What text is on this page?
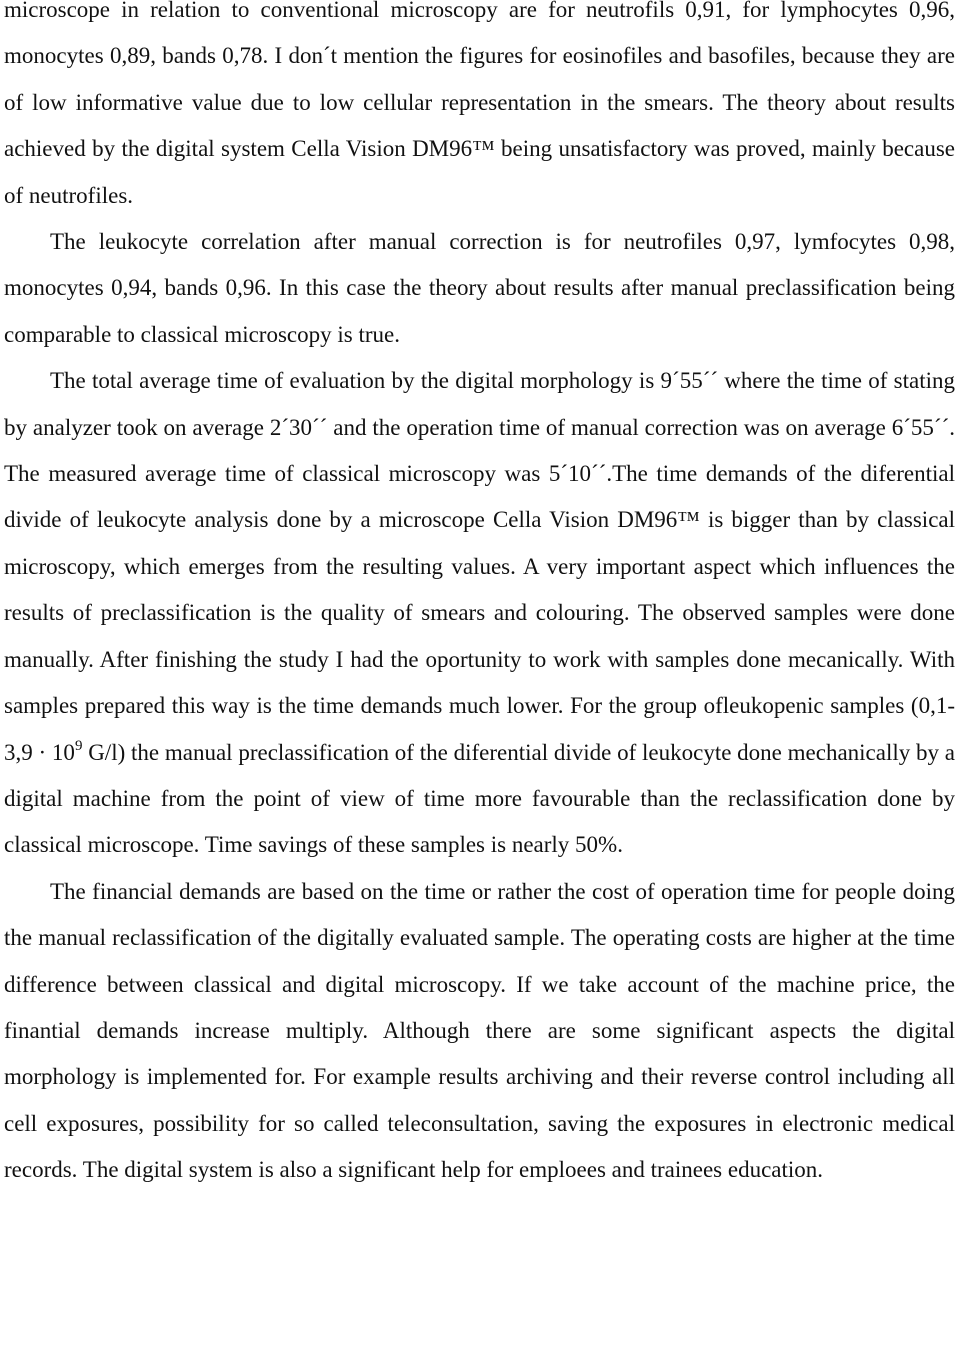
microscope in relation to conventional microscopy are for neutrofils 0,91, for lymphocytes 0,96, monocytes 0,89, bands 0,78. I don´t mention the figures for eosinofiles and basofiles, because they are of low informative value due to low cellular representation in the smears. The theory about results achieved by the digital system Cella Vision DM96™ being unsatisfactory was proved, mainly because of neutrofiles.

The leukocyte correlation after manual correction is for neutrofiles 0,97, lymfocytes 0,98, monocytes 0,94, bands 0,96. In this case the theory about results after manual preclassification being comparable to classical microscopy is true.

The total average time of evaluation by the digital morphology is 9´55´´ where the time of stating by analyzer took on average 2´30´´ and the operation time of manual correction was on average 6´55´´. The measured average time of classical microscopy was 5´10´´.The time demands of the diferential divide of leukocyte analysis done by a microscope Cella Vision DM96™ is bigger than by classical microscopy, which emerges from the resulting values. A very important aspect which influences the results of preclassification is the quality of smears and colouring. The observed samples were done manually. After finishing the study I had the oportunity to work with samples done mecanically. With samples prepared this way is the time demands much lower. For the group ofleukopenic samples ($0,1-3,9 \cdot 10^9$ G/l) the manual preclassification of the diferential divide of leukocyte done mechanically by a digital machine from the point of view of time more favourable than the reclassification done by classical microscope. Time savings of these samples is nearly 50%.

The financial demands are based on the time or rather the cost of operation time for people doing the manual reclassification of the digitally evaluated sample. The operating costs are higher at the time difference between classical and digital microscopy. If we take account of the machine price, the finantial demands increase multiply. Although there are some significant aspects the digital morphology is implemented for. For example results archiving and their reverse control including all cell exposures, possibility for so called teleconsultation, saving the exposures in electronic medical records. The digital system is also a significant help for emploees and trainees education.
